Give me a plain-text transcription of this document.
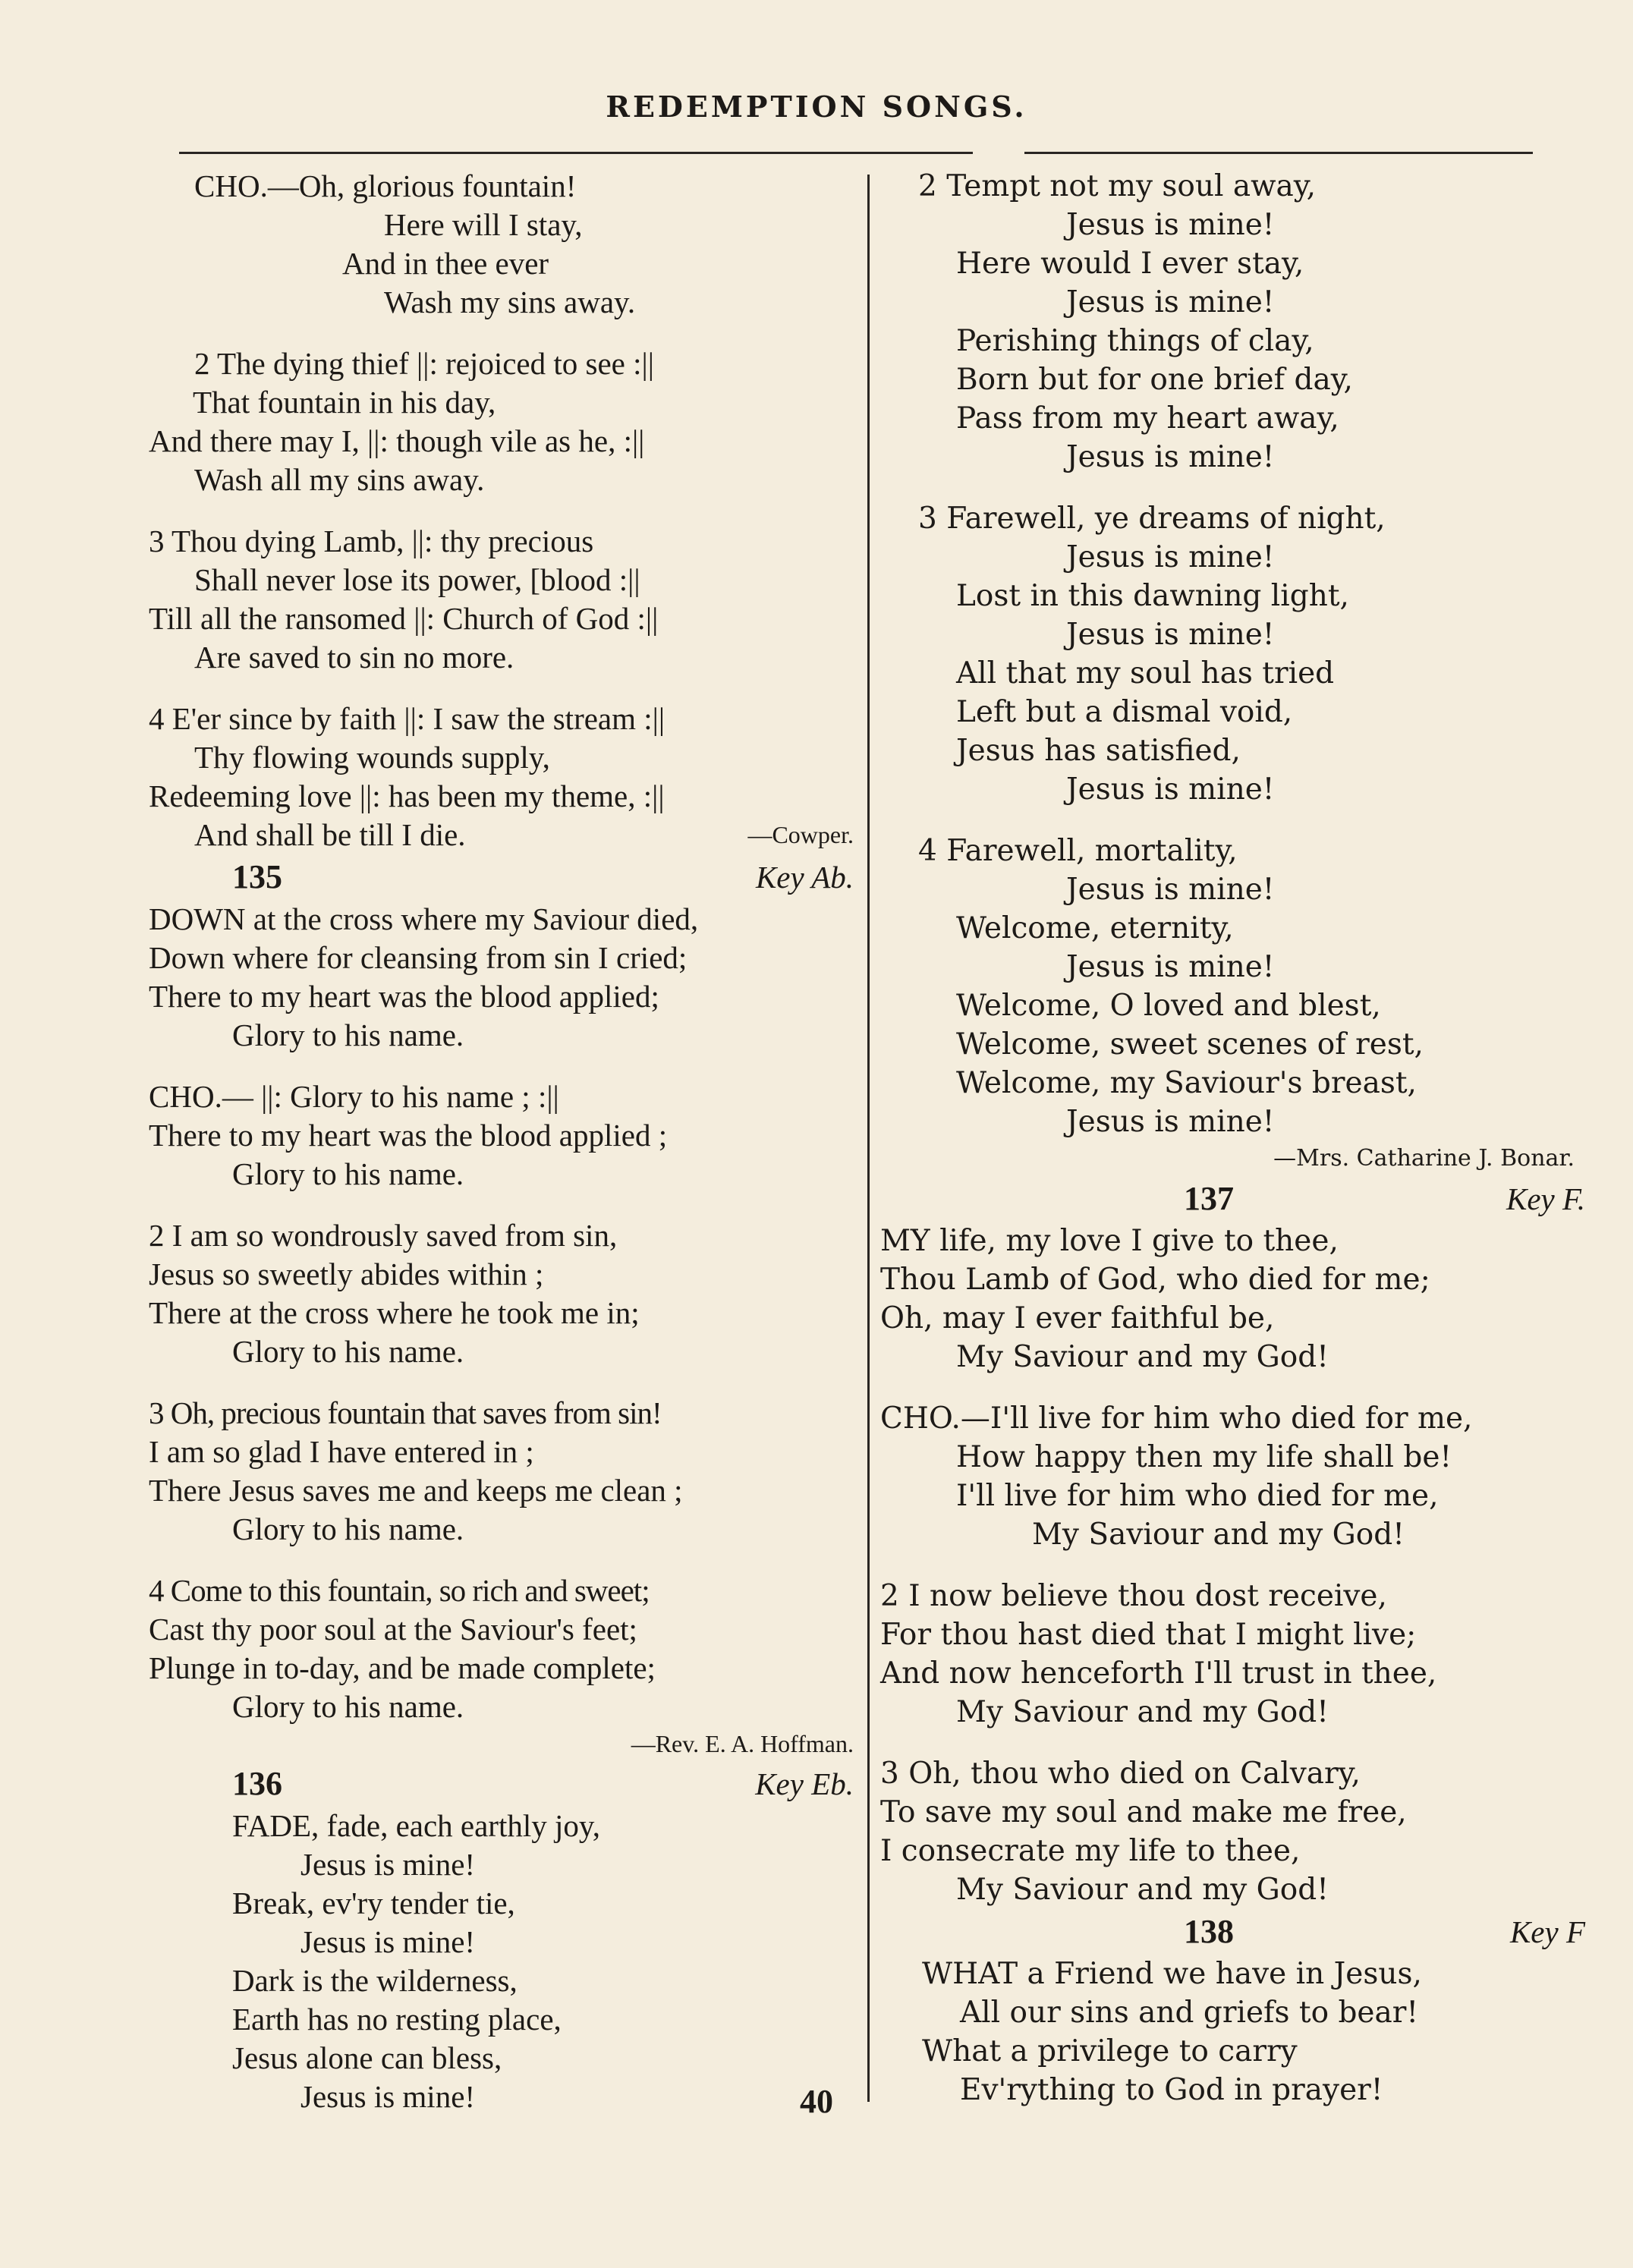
REDEMPTION SONGS.
CHO.—Oh, glorious fountain!
Here will I stay,
And in thee ever
Wash my sins away.
2 The dying thief ||: rejoiced to see :||
That fountain in his day,
And there may I, ||: though vile as he, :||
Wash all my sins away.
3 Thou dying Lamb, ||: thy precious
Shall never lose its power, [blood :||
Till all the ransomed ||: Church of God :||
Are saved to sin no more.
4 E'er since by faith ||: I saw the stream :||
Thy flowing wounds supply,
Redeeming love ||: has been my theme, :||
And shall be till I die.	—Cowper.
135	Key Ab.
DOWN at the cross where my Saviour died,
Down where for cleansing from sin I cried;
There to my heart was the blood applied;
Glory to his name.
CHO.— ||: Glory to his name ; :||
There to my heart was the blood applied ;
Glory to his name.
2 I am so wondrously saved from sin,
Jesus so sweetly abides within ;
There at the cross where he took me in;
Glory to his name.
3 Oh, precious fountain that saves from sin!
I am so glad I have entered in ;
There Jesus saves me and keeps me clean ;
Glory to his name.
4 Come to this fountain, so rich and sweet;
Cast thy poor soul at the Saviour's feet;
Plunge in to-day, and be made complete;
Glory to his name.
—Rev. E. A. Hoffman.
136	Key Eb.
FADE, fade, each earthly joy,
Jesus is mine!
Break, ev'ry tender tie,
Jesus is mine!
Dark is the wilderness,
Earth has no resting place,
Jesus alone can bless,
Jesus is mine!
2 Tempt not my soul away,
Jesus is mine!
Here would I ever stay,
Jesus is mine!
Perishing things of clay,
Born but for one brief day,
Pass from my heart away,
Jesus is mine!
3 Farewell, ye dreams of night,
Jesus is mine!
Lost in this dawning light,
Jesus is mine!
All that my soul has tried
Left but a dismal void,
Jesus has satisfied,
Jesus is mine!
4 Farewell, mortality,
Jesus is mine!
Welcome, eternity,
Jesus is mine!
Welcome, O loved and blest,
Welcome, sweet scenes of rest,
Welcome, my Saviour's breast,
Jesus is mine!
—Mrs. Catharine J. Bonar.
137	Key F.
MY life, my love I give to thee,
Thou Lamb of God, who died for me;
Oh, may I ever faithful be,
My Saviour and my God!
CHO.—I'll live for him who died for me,
How happy then my life shall be!
I'll live for him who died for me,
My Saviour and my God!
2 I now believe thou dost receive,
For thou hast died that I might live;
And now henceforth I'll trust in thee,
My Saviour and my God!
3 Oh, thou who died on Calvary,
To save my soul and make me free,
I consecrate my life to thee,
My Saviour and my God!
138	Key F
WHAT a Friend we have in Jesus,
All our sins and griefs to bear!
What a privilege to carry
Ev'rything to God in prayer!
40
